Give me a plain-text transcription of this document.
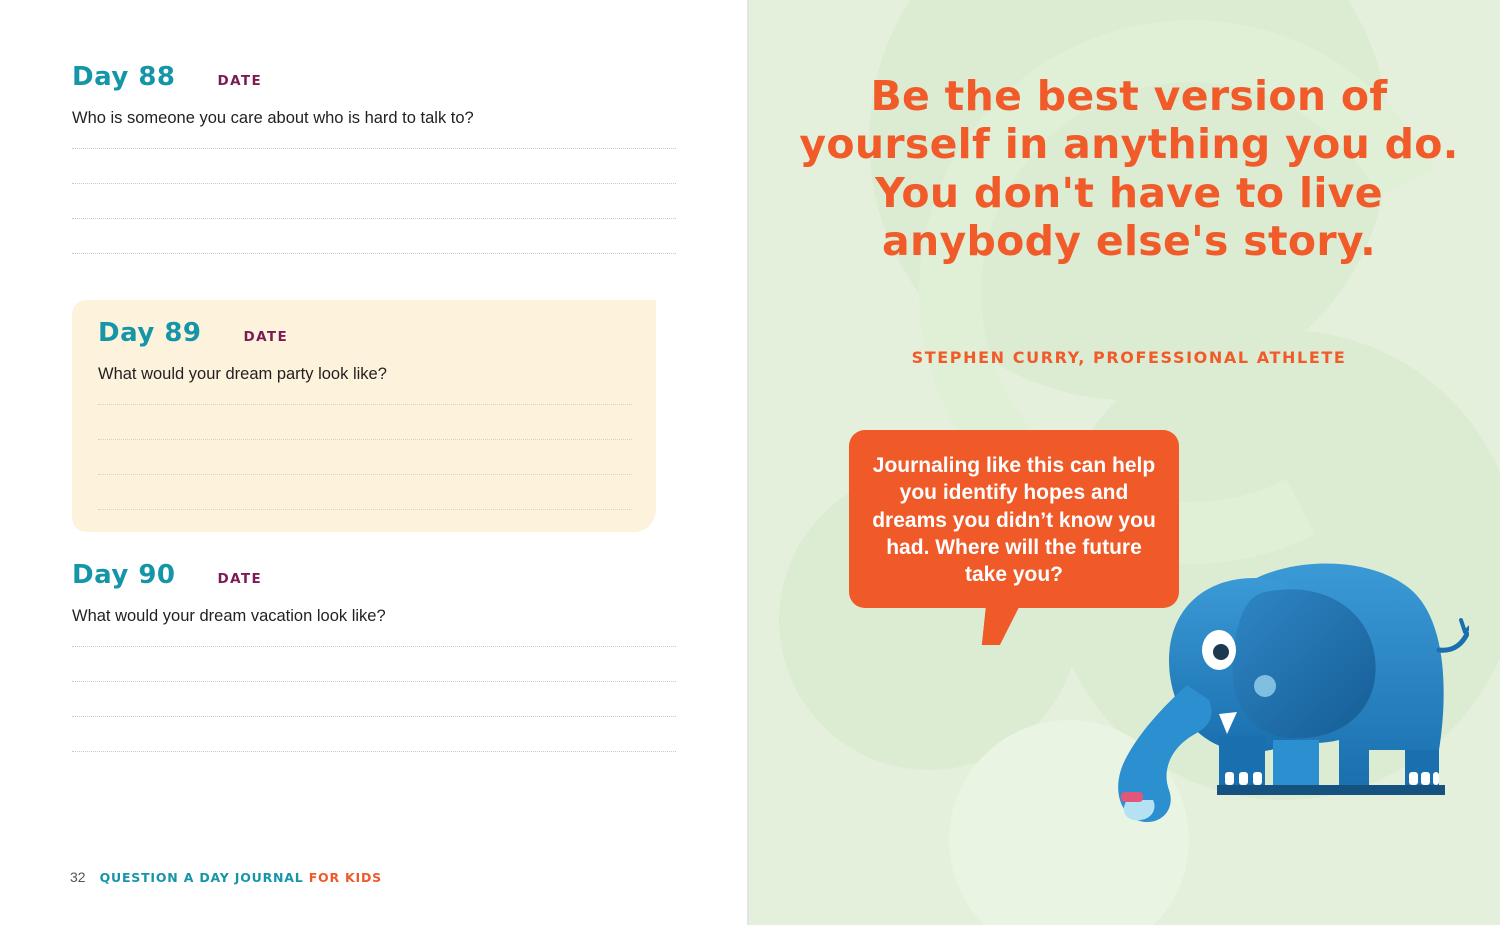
Day 88	DATE

Who is someone you care about who is hard to talk to?

Day 89	DATE

What would your dream party look like?

Day 90	DATE

What would your dream vacation look like?

32 QUESTION A DAY JOURNAL FOR KIDS
Be the best version of yourself in anything you do. You don't have to live anybody else's story.
STEPHEN CURRY, PROFESSIONAL ATHLETE
Journaling like this can help you identify hopes and dreams you didn’t know you had. Where will the future take you?
